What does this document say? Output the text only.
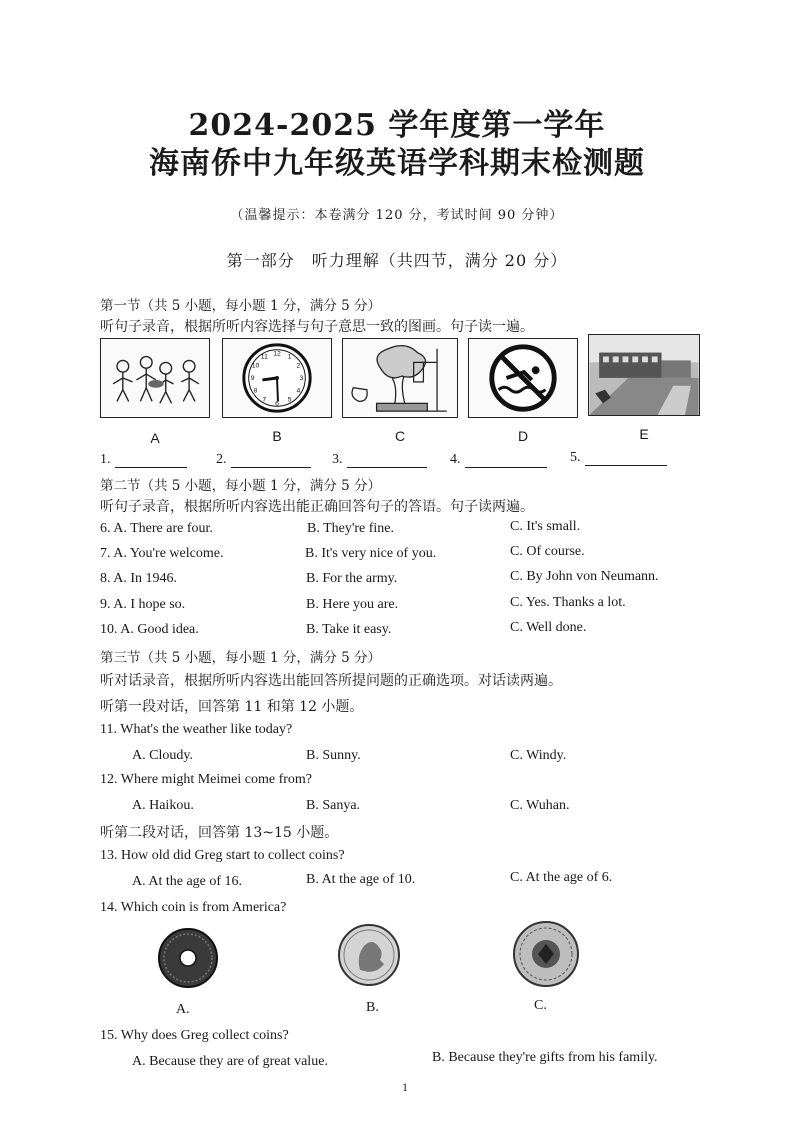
2024-2025 学年度第一学年
海南侨中九年级英语学科期末检测题
（温馨提示：本卷满分 120 分，考试时间 90 分钟）
第一部分　听力理解（共四节，满分 20 分）
第一节（共 5 小题，每小题 1 分，满分 5 分）
听句子录音，根据所听内容选择与句子意思一致的图画。句子读一遍。
12 1
2
3
4
5
6
7
8
9
10
11
A	B	C	D	E
1.	2.	3.	4.	5.
第二节（共 5 小题，每小题 1 分，满分 5 分）
听句子录音，根据所听内容选出能正确回答句子的答语。句子读两遍。
6. A. There are four.	B. They're fine.	C. It's small.
7. A. You're welcome.	B. It's very nice of you.	C. Of course.
8. A. In 1946.	B. For the army.	C. By John von Neumann.
9. A. I hope so.	B. Here you are.	C. Yes. Thanks a lot.
10. A. Good idea.	B. Take it easy.	C. Well done.
第三节（共 5 小题，每小题 1 分，满分 5 分）
听对话录音，根据所听内容选出能回答所提问题的正确选项。对话读两遍。
听第一段对话，回答第 11 和第 12 小题。
11. What's the weather like today?
A. Cloudy.	B. Sunny.	C. Windy.
12. Where might Meimei come from?
A. Haikou.	B. Sanya.	C. Wuhan.
听第二段对话，回答第 13~15 小题。
13. How old did Greg start to collect coins?
A. At the age of 16.	B. At the age of 10.	C. At the age of 6.
14. Which coin is from America?
A.	B.	C.
15. Why does Greg collect coins?
A. Because they are of great value.	B. Because they're gifts from his family.
1
